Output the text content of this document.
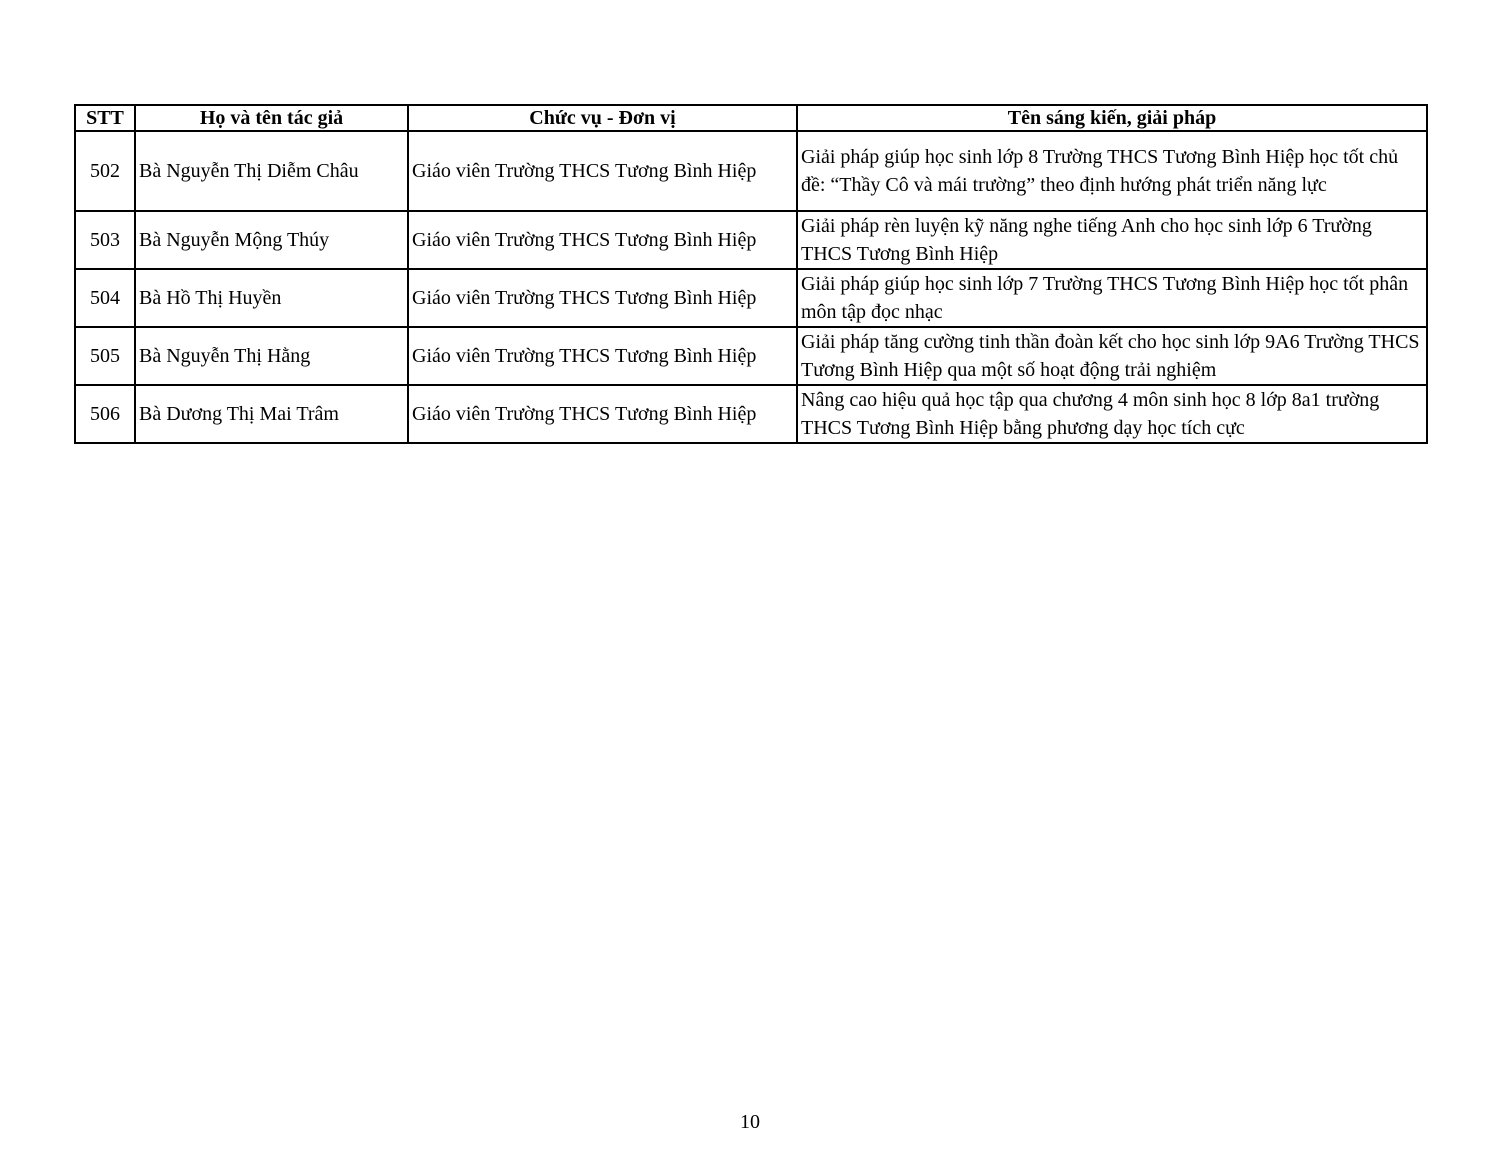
STT	Họ và tên tác giả	Chức vụ - Đơn vị	Tên sáng kiến, giải pháp
502	Bà Nguyễn Thị Diễm Châu	Giáo viên Trường THCS Tương Bình Hiệp	Giải pháp giúp học sinh lớp 8 Trường THCS Tương Bình Hiệp học tốt chủ đề: “Thầy Cô và mái trường” theo định hướng phát triển năng lực
503	Bà Nguyễn Mộng Thúy	Giáo viên Trường THCS Tương Bình Hiệp	Giải pháp rèn luyện kỹ năng nghe tiếng Anh cho học sinh lớp 6 Trường THCS Tương Bình Hiệp
504	Bà Hồ Thị Huyền	Giáo viên Trường THCS Tương Bình Hiệp	Giải pháp giúp học sinh lớp 7 Trường THCS Tương Bình Hiệp học tốt phân môn tập đọc nhạc
505	Bà Nguyễn Thị Hằng	Giáo viên Trường THCS Tương Bình Hiệp	Giải pháp tăng cường tinh thần đoàn kết cho học sinh lớp 9A6 Trường THCS Tương Bình Hiệp qua một số hoạt động trải nghiệm
506	Bà Dương Thị Mai Trâm	Giáo viên Trường THCS Tương Bình Hiệp	Nâng cao hiệu quả học tập qua chương 4 môn sinh học 8 lớp 8a1 trường THCS Tương Bình Hiệp bằng phương dạy học tích cực
10
